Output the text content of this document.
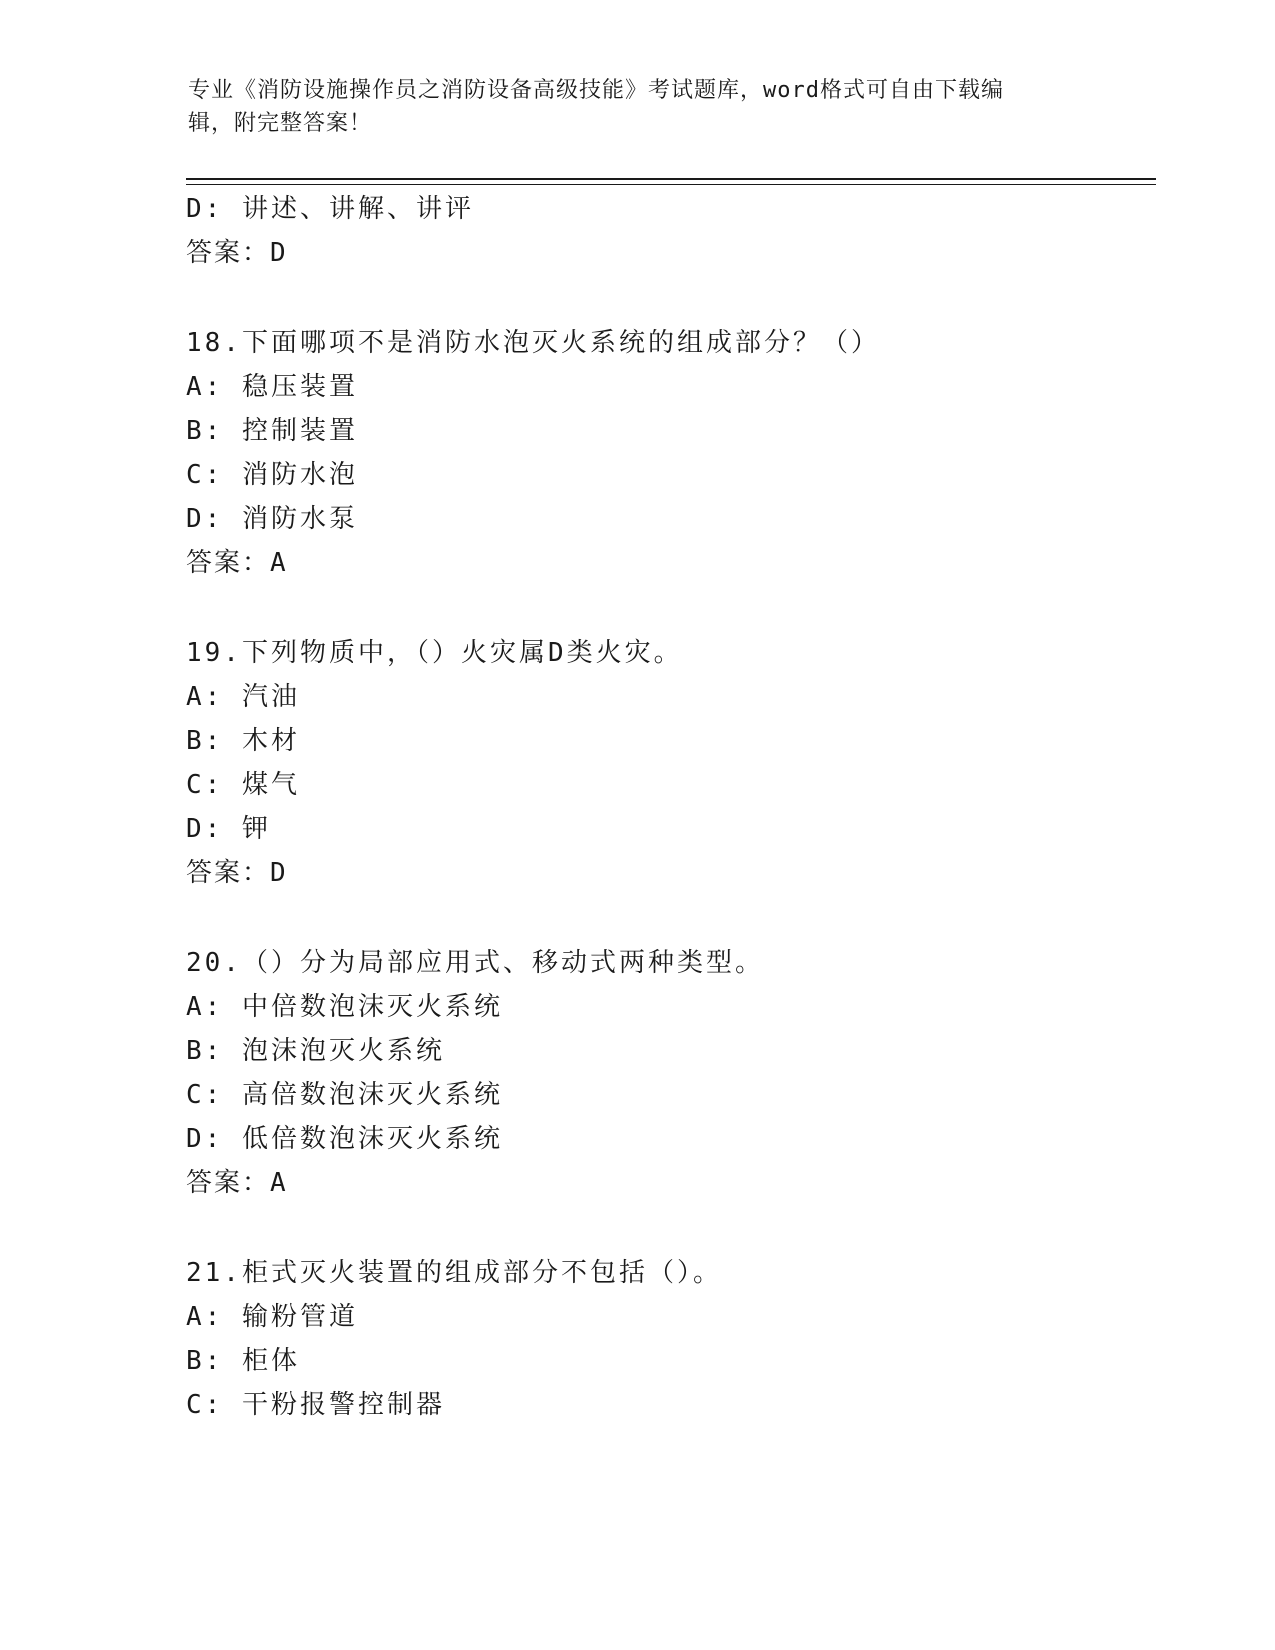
专业《消防设施操作员之消防设备高级技能》考试题库，word格式可自由下载编
辑，附完整答案！
D: 讲述、讲解、讲评
答案：D
18.下面哪项不是消防水泡灭火系统的组成部分？（）
A: 稳压装置
B: 控制装置
C: 消防水泡
D: 消防水泵
答案：A
19.下列物质中，（）火灾属D类火灾。
A: 汽油
B: 木材
C: 煤气
D: 钾
答案：D
20.（）分为局部应用式、移动式两种类型。
A: 中倍数泡沫灭火系统
B: 泡沫泡灭火系统
C: 高倍数泡沫灭火系统
D: 低倍数泡沫灭火系统
答案：A
21.柜式灭火装置的组成部分不包括（）。
A: 输粉管道
B: 柜体
C: 干粉报警控制器
